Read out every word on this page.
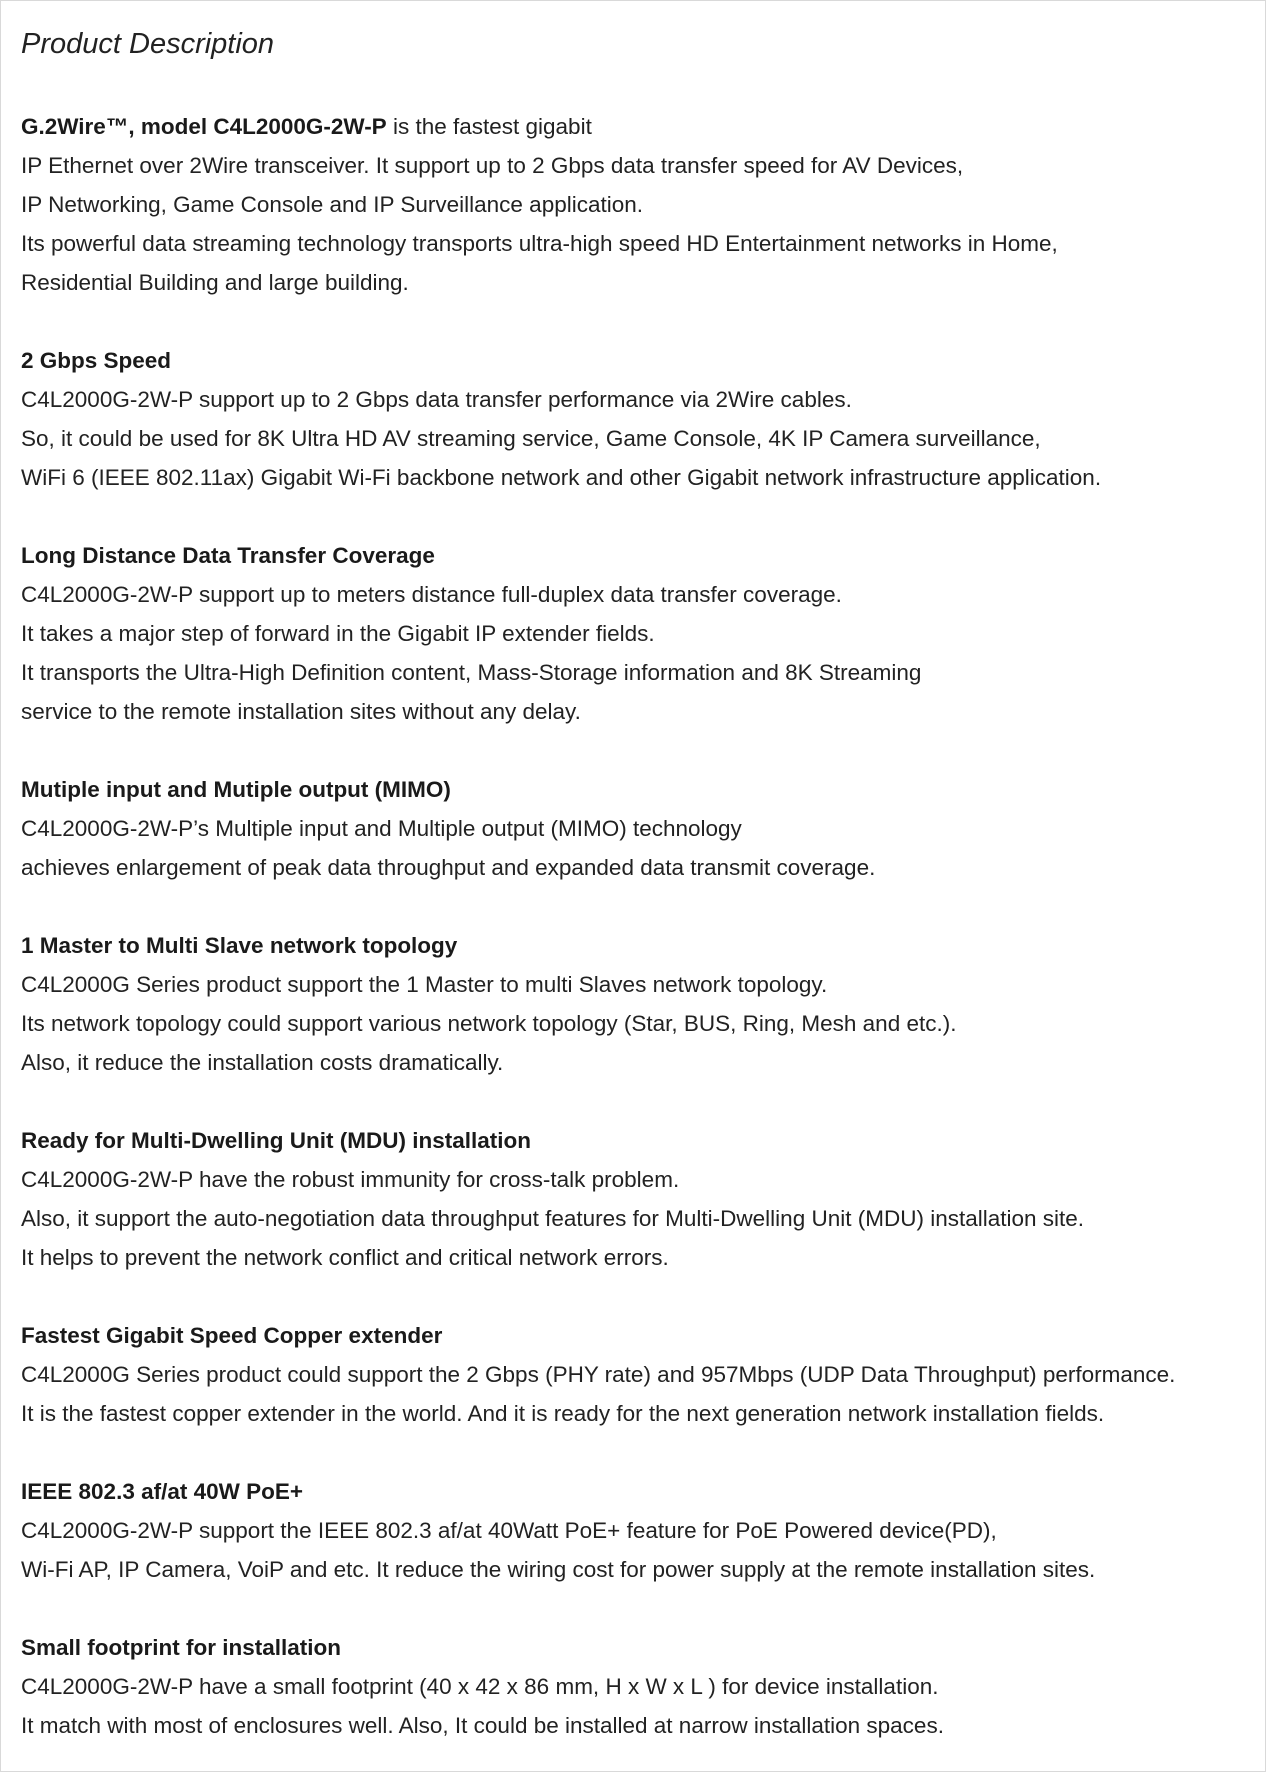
Product Description

G.2Wire™, model C4L2000G-2W-P is the fastest gigabit

IP Ethernet over 2Wire transceiver. It support up to 2 Gbps data transfer speed for AV Devices,

IP Networking, Game Console and IP Surveillance application.

Its powerful data streaming technology transports ultra-high speed HD Entertainment networks in Home,

Residential Building and large building.

2 Gbps Speed

C4L2000G-2W-P support up to 2 Gbps data transfer performance via 2Wire cables.

So, it could be used for 8K Ultra HD AV streaming service, Game Console, 4K IP Camera surveillance,

WiFi 6 (IEEE 802.11ax) Gigabit Wi-Fi backbone network and other Gigabit network infrastructure application.

Long Distance Data Transfer Coverage

C4L2000G-2W-P support up to meters distance full-duplex data transfer coverage.

It takes a major step of forward in the Gigabit IP extender fields.

It transports the Ultra-High Definition content, Mass-Storage information and 8K Streaming

service to the remote installation sites without any delay.

Mutiple input and Mutiple output (MIMO)

C4L2000G-2W-P’s Multiple input and Multiple output (MIMO) technology

achieves enlargement of peak data throughput and expanded data transmit coverage.

1 Master to Multi Slave network topology

C4L2000G Series product support the 1 Master to multi Slaves network topology.

Its network topology could support various network topology (Star, BUS, Ring, Mesh and etc.).

Also, it reduce the installation costs dramatically.

Ready for Multi-Dwelling Unit (MDU) installation

C4L2000G-2W-P have the robust immunity for cross-talk problem.

Also, it support the auto-negotiation data throughput features for Multi-Dwelling Unit (MDU) installation site.

It helps to prevent the network conflict and critical network errors.

Fastest Gigabit Speed Copper extender

C4L2000G Series product could support the 2 Gbps (PHY rate) and 957Mbps (UDP Data Throughput) performance.

It is the fastest copper extender in the world. And it is ready for the next generation network installation fields.

IEEE 802.3 af/at 40W PoE+

C4L2000G-2W-P support the IEEE 802.3 af/at 40Watt PoE+ feature for PoE Powered device(PD),

Wi-Fi AP, IP Camera, VoiP and etc. It reduce the wiring cost for power supply at the remote installation sites.

Small footprint for installation

C4L2000G-2W-P have a small footprint (40 x 42 x 86 mm, H x W x L ) for device installation.

It match with most of enclosures well. Also, It could be installed at narrow installation spaces.
